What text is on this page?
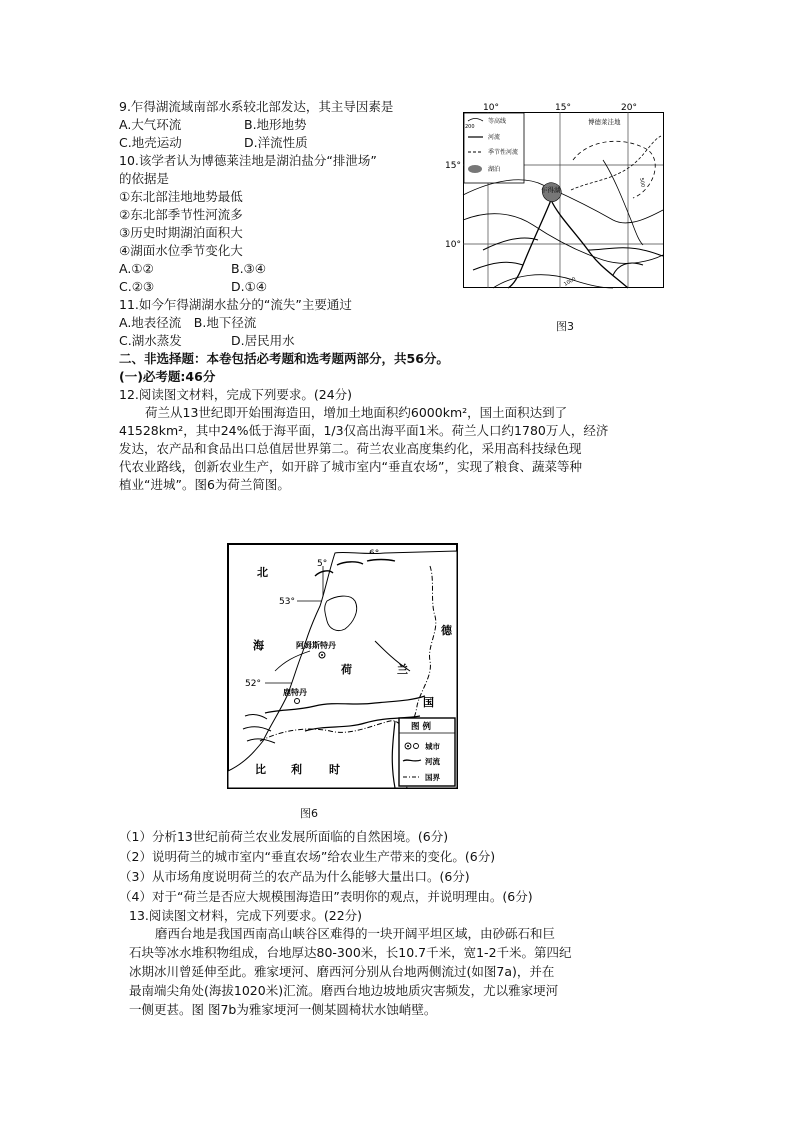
9.乍得湖流域南部水系较北部发达，其主导因素是
A.大气环流	B.地形地势
C.地壳运动	D.洋流性质
10.该学者认为博德莱洼地是湖泊盐分“排泄场”
的依据是
①东北部洼地地势最低
②东北部季节性河流多
③历史时期湖泊面积大
④湖面水位季节变化大
A.①②	B.③④
C.②③	D.①④
11.如今乍得湖湖水盐分的“流失”主要通过
A.地表径流　B.地下径流
C.湖水蒸发	D.居民用水
10°	15°	20°
15°
10°
等高线
河流
季节性河流
湖泊
博德莱洼地
500
200
1000
乍得湖
图3
二、非选择题：本卷包括必考题和选考题两部分，共56分。
(一)必考题:46分
12.阅读图文材料，完成下列要求。(24分)
荷兰从13世纪即开始围海造田，增加土地面积约6000km²，国土面积达到了
41528km²，其中24%低于海平面，1/3仅高出海平面1米。荷兰人口约1780万人，经济
发达，农产品和食品出口总值居世界第二。荷兰农业高度集约化，采用高科技绿色现
代农业路线，创新农业生产，如开辟了城市室内“垂直农场”，实现了粮食、蔬菜等种
植业“进城”。图6为荷兰简图。
5°
53°
52°
北
海
德
国
荷	兰
比 利 时
阿姆斯特丹
鹿特丹
图 例
城市
河流
国界
图6
（1）分析13世纪前荷兰农业发展所面临的自然困境。(6分)
（2）说明荷兰的城市室内“垂直农场”给农业生产带来的变化。(6分)
（3）从市场角度说明荷兰的农产品为什么能够大量出口。(6分)
（4）对于“荷兰是否应大规模围海造田”表明你的观点，并说明理由。(6分)
13.阅读图文材料，完成下列要求。(22分)
磨西台地是我国西南高山峡谷区难得的一块开阔平坦区域，由砂砾石和巨
石块等冰水堆积物组成，台地厚达80-300米，长10.7千米，宽1-2千米。第四纪
冰期冰川曾延伸至此。雅家埂河、磨西河分别从台地两侧流过(如图7a)，并在
最南端尖角处(海拔1020米)汇流。磨西台地边坡地质灾害频发，尤以雅家埂河
一侧更甚。图 图7b为雅家埂河一侧某圆椅状水蚀峭壁。
